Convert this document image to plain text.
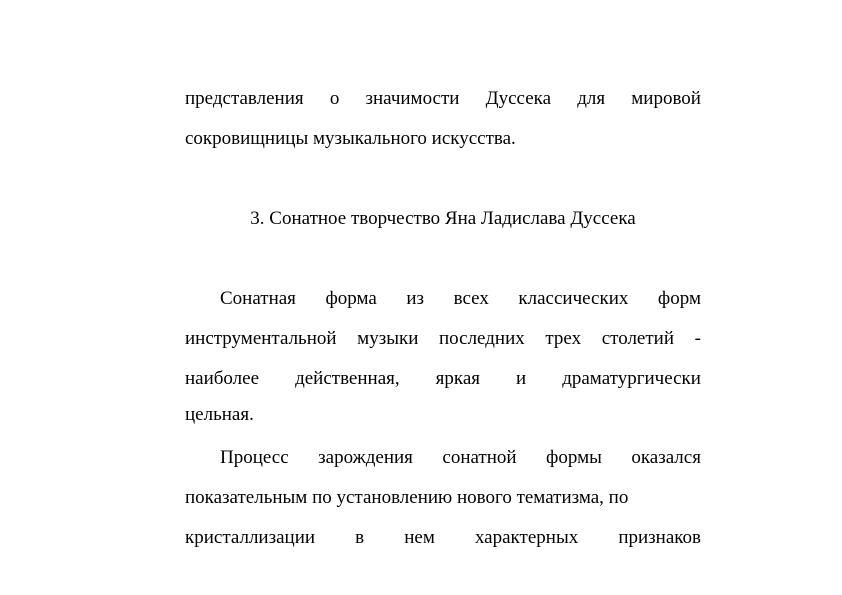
представления о значимости Дуссека для мировой
сокровищницы музыкального искусства.
3. Сонатное творчество Яна Ладислава Дуссека
Сонатная форма из всех классических форм
инструментальной музыки последних трех столетий -
наиболее действенная, яркая и драматургически
цельная.
Процесс зарождения сонатной формы оказался
показательным по установлению нового тематизма, по
кристаллизации в нем характерных признаков
